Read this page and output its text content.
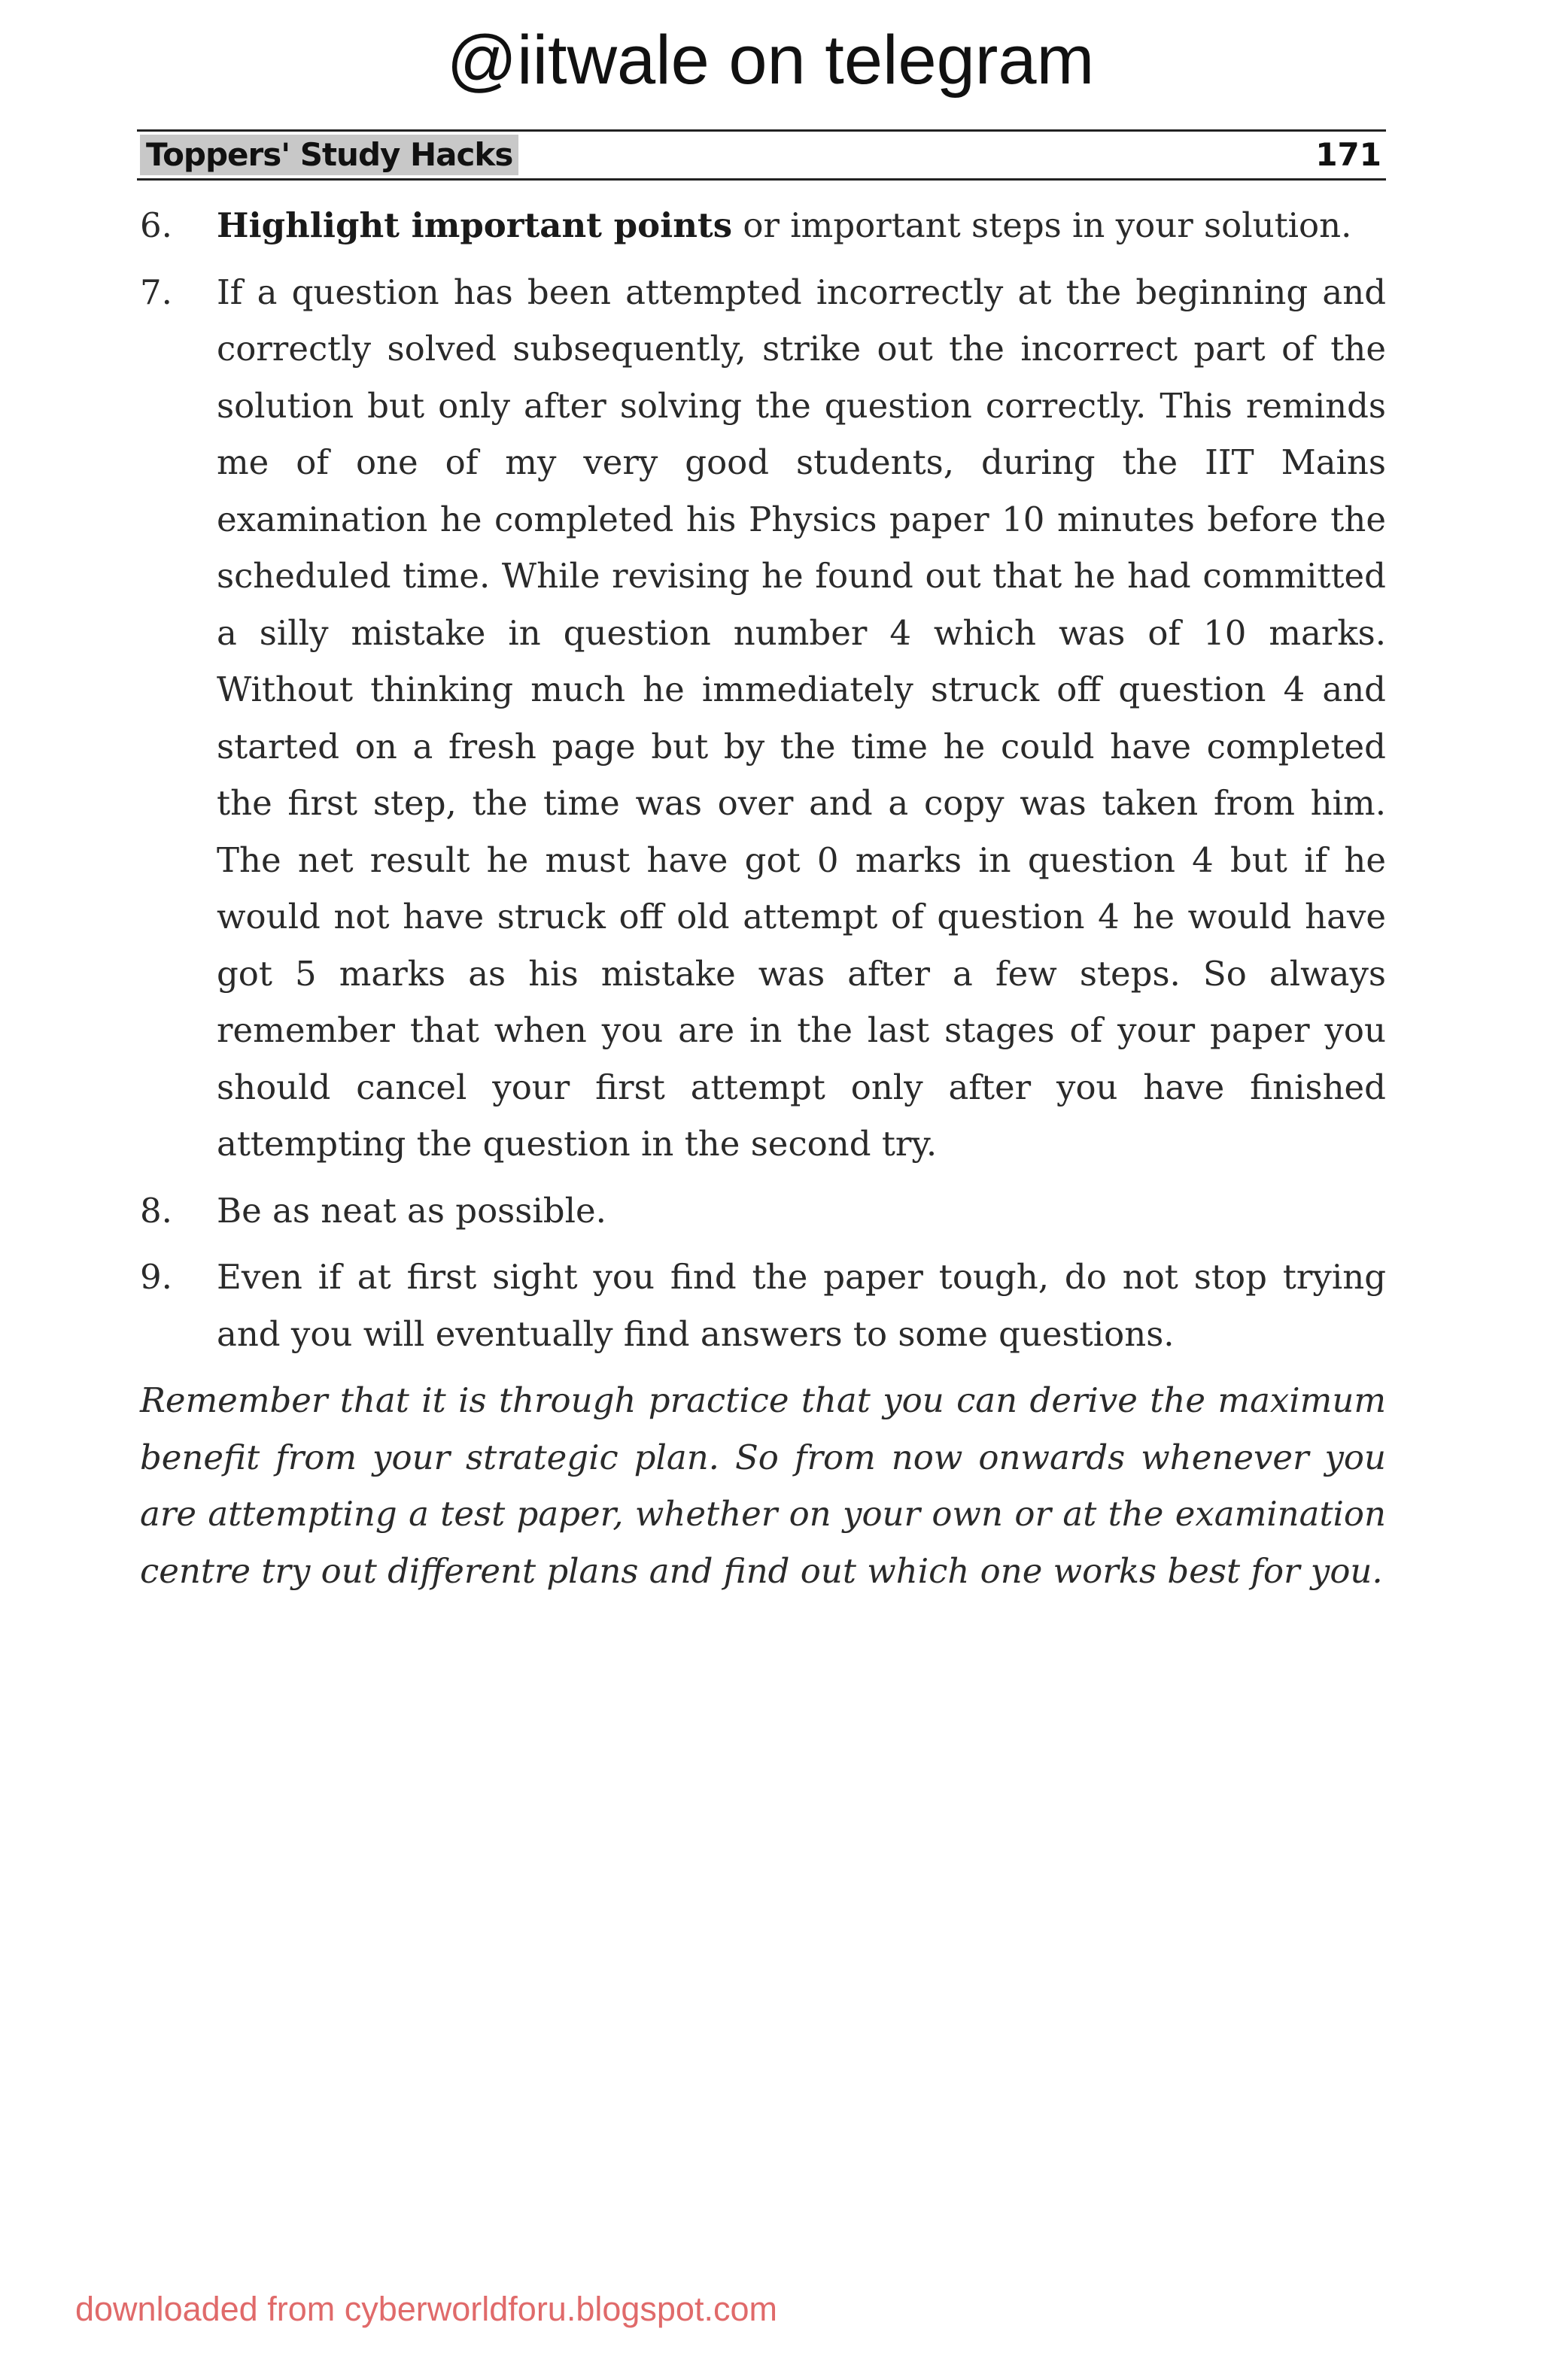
@iitwale on telegram
Toppers' Study Hacks	171
6.	Highlight important points or important steps in your solution.
7.	If a question has been attempted incorrectly at the beginning and correctly solved subsequently, strike out the incorrect part of the solution but only after solving the question correctly. This reminds me of one of my very good students, during the IIT Mains examination he completed his Physics paper 10 minutes before the scheduled time. While revising he found out that he had committed a silly mistake in question number 4 which was of 10 marks. Without thinking much he immediately struck off question 4 and started on a fresh page but by the time he could have completed the first step, the time was over and a copy was taken from him. The net result he must have got 0 marks in question 4 but if he would not have struck off old attempt of question 4 he would have got 5 marks as his mistake was after a few steps. So always remember that when you are in the last stages of your paper you should cancel your first attempt only after you have finished attempting the question in the second try.
8.	Be as neat as possible.
9.	Even if at first sight you find the paper tough, do not stop trying and you will eventually find answers to some questions.
Remember that it is through practice that you can derive the maximum benefit from your strategic plan. So from now onwards whenever you are attempting a test paper, whether on your own or at the examination centre try out different plans and find out which one works best for you.
downloaded from cyberworldforu.blogspot.com
